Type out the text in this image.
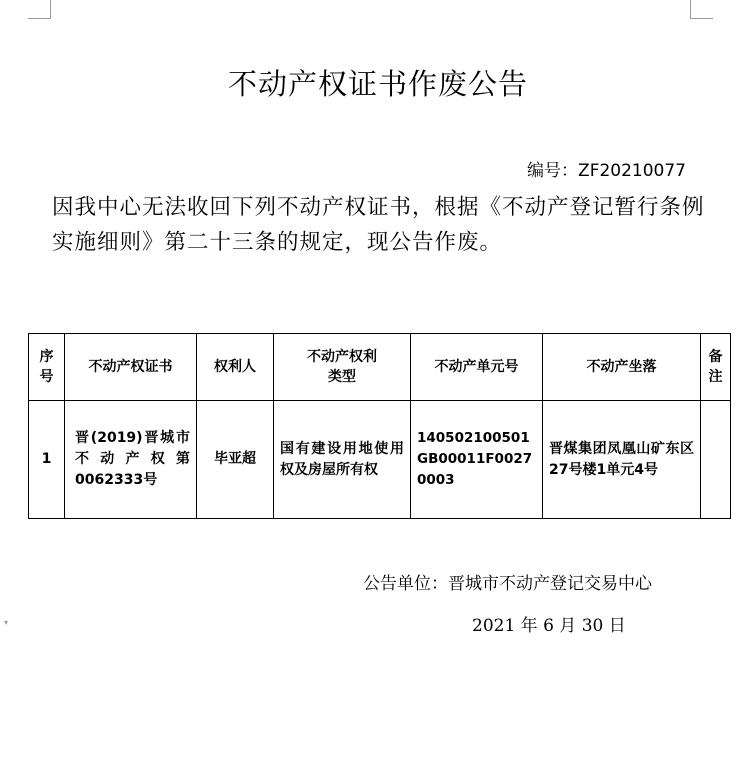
▾
不动产权证书作废公告
编号：ZF20210077
因我中心无法收回下列不动产权证书，根据《不动产登记暂行条例实施细则》第二十三条的规定，现公告作废。
序号	不动产权证书	权利人	不动产权利类型	不动产单元号	不动产坐落	备注
1	晋(2019)晋城市不动产权第0062333号	毕亚超	国有建设用地使用权及房屋所有权	140502100501GB00011F00270003	晋煤集团凤凰山矿东区27号楼1单元4号	
公告单位：晋城市不动产登记交易中心
2021 年 6 月 30 日
